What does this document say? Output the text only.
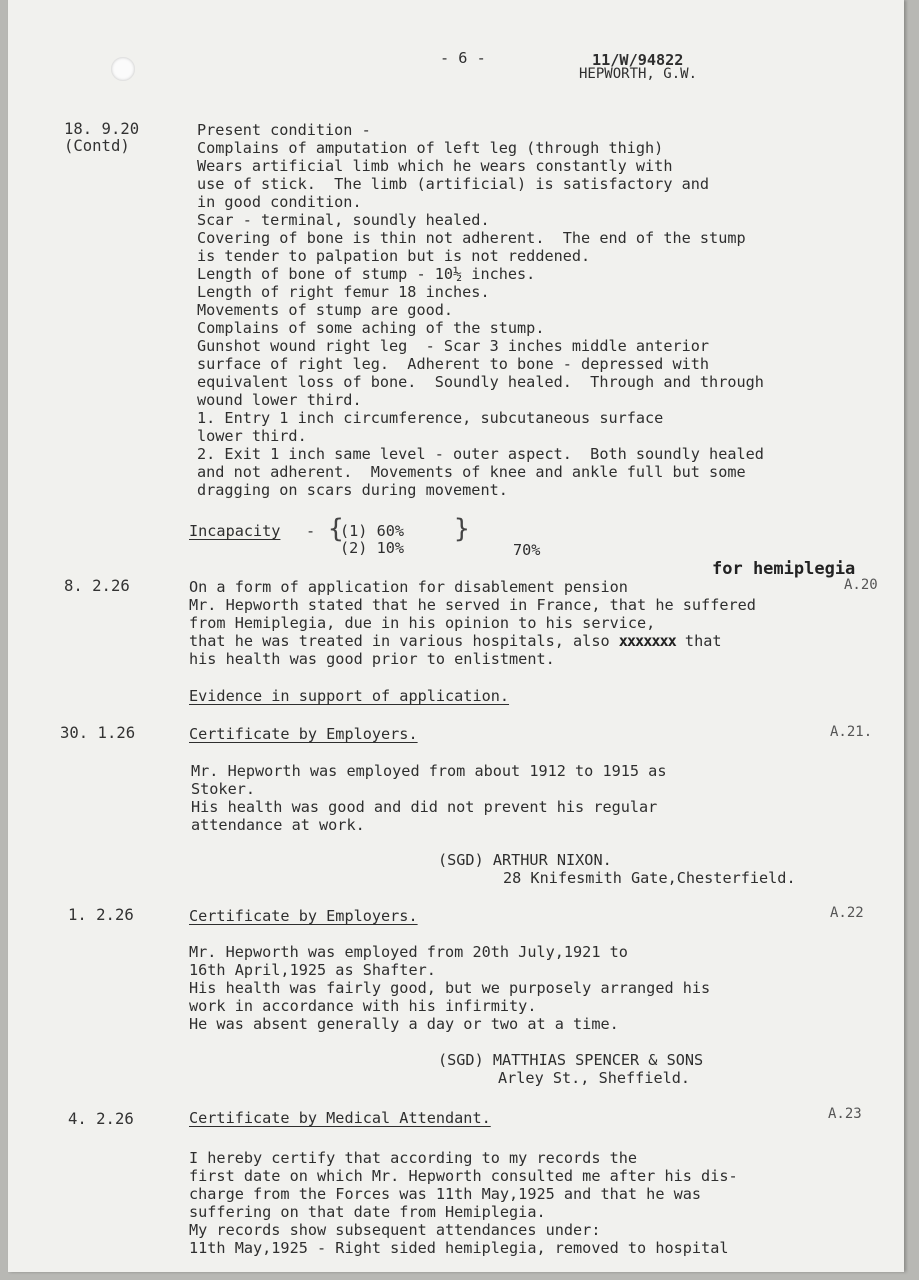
- 6 -	11/W/94822
HEPWORTH, G.W.
18. 9.20
(Contd)
Present condition -
Complains of amputation of left leg (through thigh)
Wears artificial limb which he wears constantly with
use of stick.  The limb (artificial) is satisfactory and
in good condition.
Scar - terminal, soundly healed.
Covering of bone is thin not adherent.  The end of the stump
is tender to palpation but is not reddened.
Length of bone of stump - 10½ inches.
Length of right femur 18 inches.
Movements of stump are good.
Complains of some aching of the stump.
Gunshot wound right leg  - Scar 3 inches middle anterior
surface of right leg.  Adherent to bone - depressed with
equivalent loss of bone.  Soundly healed.  Through and through
wound lower third.
1. Entry 1 inch circumference, subcutaneous surface
lower third.
2. Exit 1 inch same level - outer aspect.  Both soundly healed
and not adherent.  Movements of knee and ankle full but some
dragging on scars during movement.
Incapacity - {
(1) 60%
(2) 10%
}
70%
for hemiplegia
A.20
8. 2.26	On a form of application for disablement pension
Mr. Hepworth stated that he served in France, that he suffered
from Hemiplegia, due in his opinion to his service,
that he was treated in various hospitals, also xxxxxxx that
his health was good prior to enlistment.
Evidence in support of application.
30. 1.26	Certificate by Employers.	A.21.
Mr. Hepworth was employed from about 1912 to 1915 as
Stoker.
His health was good and did not prevent his regular
attendance at work.
(SGD) ARTHUR NIXON.
28 Knifesmith Gate,Chesterfield.
1. 2.26	Certificate by Employers.	A.22
Mr. Hepworth was employed from 20th July,1921 to
16th April,1925 as Shafter.
His health was fairly good, but we purposely arranged his
work in accordance with his infirmity.
He was absent generally a day or two at a time.
(SGD) MATTHIAS SPENCER & SONS
Arley St., Sheffield.
4. 2.26	Certificate by Medical Attendant.	A.23
I hereby certify that according to my records the
first date on which Mr. Hepworth consulted me after his dis-
charge from the Forces was 11th May,1925 and that he was
suffering on that date from Hemiplegia.
My records show subsequent attendances under:
11th May,1925 - Right sided hemiplegia, removed to hospital
